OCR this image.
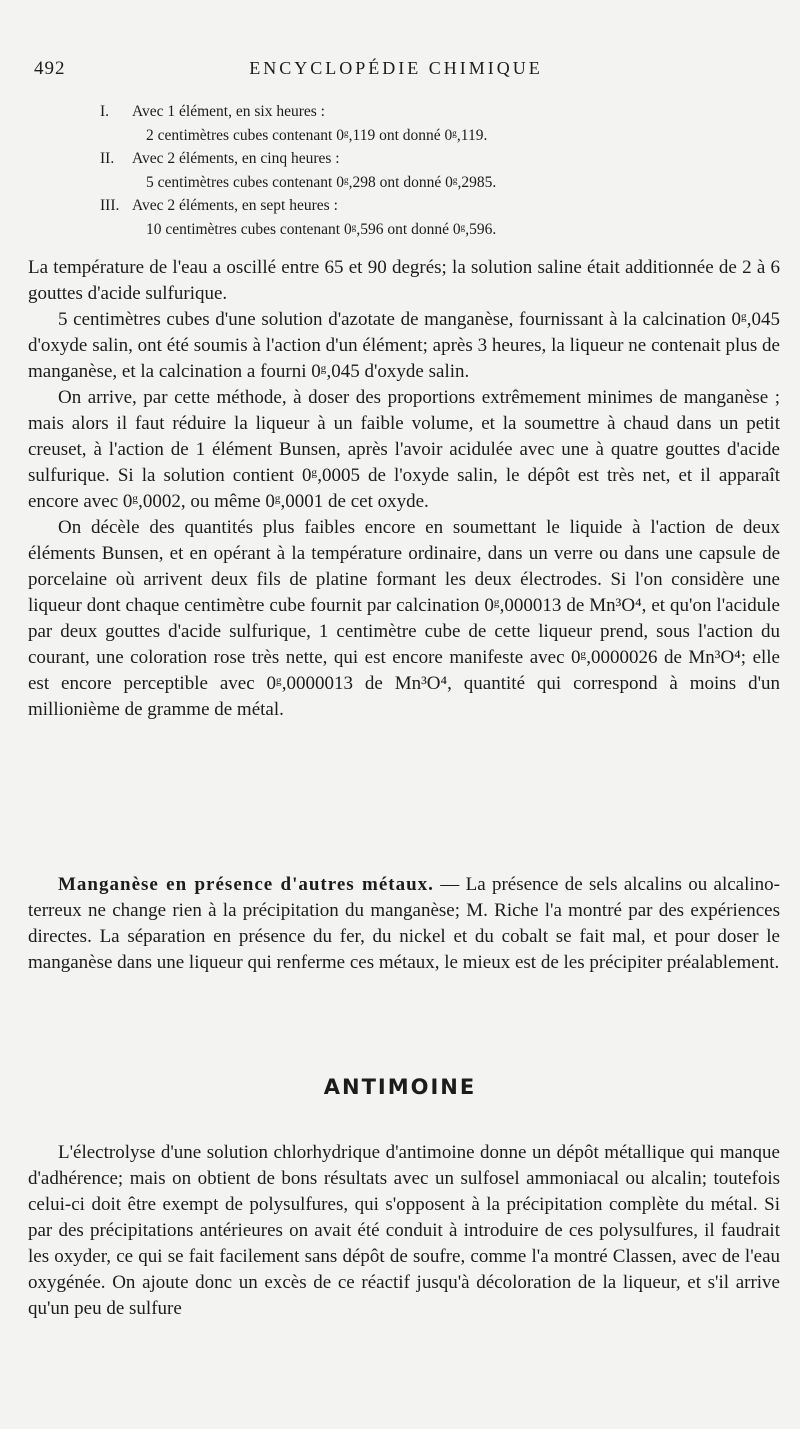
492	ENCYCLOPÉDIE CHIMIQUE
I. Avec 1 élément, en six heures :
2 centimètres cubes contenant 0ᵍ,119 ont donné 0ᵍ,119.
II. Avec 2 éléments, en cinq heures :
5 centimètres cubes contenant 0ᵍ,298 ont donné 0ᵍ,2985.
III. Avec 2 éléments, en sept heures :
10 centimètres cubes contenant 0ᵍ,596 ont donné 0ᵍ,596.

La température de l'eau a oscillé entre 65 et 90 degrés; la solution saline était additionnée de 2 à 6 gouttes d'acide sulfurique.

5 centimètres cubes d'une solution d'azotate de manganèse, fournissant à la calcination 0ᵍ,045 d'oxyde salin, ont été soumis à l'action d'un élément; après 3 heures, la liqueur ne contenait plus de manganèse, et la calcination a fourni 0ᵍ,045 d'oxyde salin.

On arrive, par cette méthode, à doser des proportions extrêmement minimes de manganèse ; mais alors il faut réduire la liqueur à un faible volume, et la soumettre à chaud dans un petit creuset, à l'action de 1 élément Bunsen, après l'avoir acidulée avec une à quatre gouttes d'acide sulfurique. Si la solution contient 0ᵍ,0005 de l'oxyde salin, le dépôt est très net, et il apparaît encore avec 0ᵍ,0002, ou même 0ᵍ,0001 de cet oxyde.

On décèle des quantités plus faibles encore en soumettant le liquide à l'action de deux éléments Bunsen, et en opérant à la température ordinaire, dans un verre ou dans une capsule de porcelaine où arrivent deux fils de platine formant les deux électrodes. Si l'on considère une liqueur dont chaque centimètre cube fournit par calcination 0ᵍ,000013 de Mn³O⁴, et qu'on l'acidule par deux gouttes d'acide sulfurique, 1 centimètre cube de cette liqueur prend, sous l'action du courant, une coloration rose très nette, qui est encore manifeste avec 0ᵍ,0000026 de Mn³O⁴; elle est encore perceptible avec 0ᵍ,0000013 de Mn³O⁴, quantité qui correspond à moins d'un millionième de gramme de métal.

Manganèse en présence d'autres métaux. — La présence de sels alcalins ou alcalino-terreux ne change rien à la précipitation du manganèse; M. Riche l'a montré par des expériences directes. La séparation en présence du fer, du nickel et du cobalt se fait mal, et pour doser le manganèse dans une liqueur qui renferme ces métaux, le mieux est de les précipiter préalablement.
ANTIMOINE

L'électrolyse d'une solution chlorhydrique d'antimoine donne un dépôt métallique qui manque d'adhérence; mais on obtient de bons résultats avec un sulfosel ammoniacal ou alcalin; toutefois celui-ci doit être exempt de polysulfures, qui s'opposent à la précipitation complète du métal. Si par des précipitations antérieures on avait été conduit à introduire de ces polysulfures, il faudrait les oxyder, ce qui se fait facilement sans dépôt de soufre, comme l'a montré Classen, avec de l'eau oxygénée. On ajoute donc un excès de ce réactif jusqu'à décoloration de la liqueur, et s'il arrive qu'un peu de sulfure
